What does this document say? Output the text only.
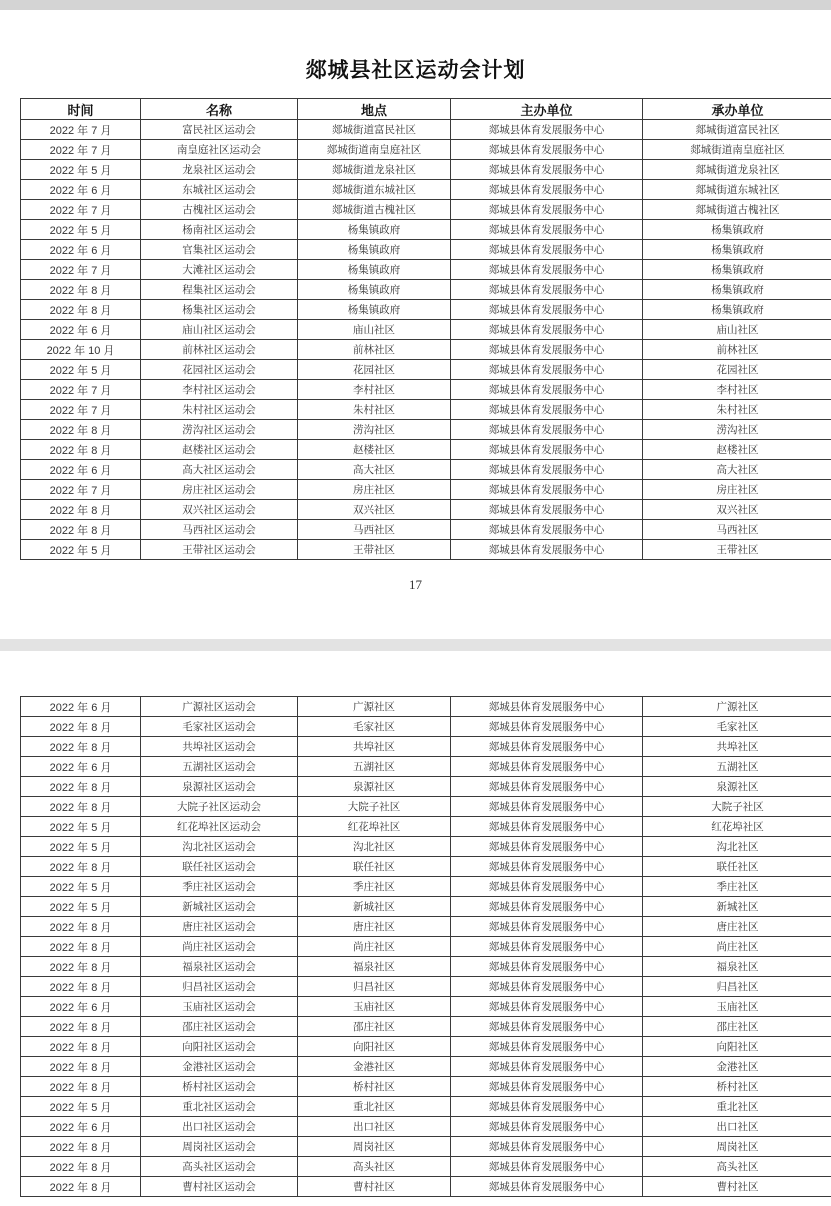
郯城县社区运动会计划
时间	名称	地点	主办单位	承办单位
2022 年 7 月	富民社区运动会	郯城街道富民社区	郯城县体育发展服务中心	郯城街道富民社区
2022 年 7 月	南皇庭社区运动会	郯城街道南皇庭社区	郯城县体育发展服务中心	郯城街道南皇庭社区
2022 年 5 月	龙泉社区运动会	郯城街道龙泉社区	郯城县体育发展服务中心	郯城街道龙泉社区
2022 年 6 月	东城社区运动会	郯城街道东城社区	郯城县体育发展服务中心	郯城街道东城社区
2022 年 7 月	古槐社区运动会	郯城街道古槐社区	郯城县体育发展服务中心	郯城街道古槐社区
2022 年 5 月	杨南社区运动会	杨集镇政府	郯城县体育发展服务中心	杨集镇政府
2022 年 6 月	官集社区运动会	杨集镇政府	郯城县体育发展服务中心	杨集镇政府
2022 年 7 月	大滩社区运动会	杨集镇政府	郯城县体育发展服务中心	杨集镇政府
2022 年 8 月	程集社区运动会	杨集镇政府	郯城县体育发展服务中心	杨集镇政府
2022 年 8 月	杨集社区运动会	杨集镇政府	郯城县体育发展服务中心	杨集镇政府
2022 年 6 月	庙山社区运动会	庙山社区	郯城县体育发展服务中心	庙山社区
2022 年 10 月	前林社区运动会	前林社区	郯城县体育发展服务中心	前林社区
2022 年 5 月	花园社区运动会	花园社区	郯城县体育发展服务中心	花园社区
2022 年 7 月	李村社区运动会	李村社区	郯城县体育发展服务中心	李村社区
2022 年 7 月	朱村社区运动会	朱村社区	郯城县体育发展服务中心	朱村社区
2022 年 8 月	涝沟社区运动会	涝沟社区	郯城县体育发展服务中心	涝沟社区
2022 年 8 月	赵楼社区运动会	赵楼社区	郯城县体育发展服务中心	赵楼社区
2022 年 6 月	高大社区运动会	高大社区	郯城县体育发展服务中心	高大社区
2022 年 7 月	房庄社区运动会	房庄社区	郯城县体育发展服务中心	房庄社区
2022 年 8 月	双兴社区运动会	双兴社区	郯城县体育发展服务中心	双兴社区
2022 年 8 月	马西社区运动会	马西社区	郯城县体育发展服务中心	马西社区
2022 年 5 月	王带社区运动会	王带社区	郯城县体育发展服务中心	王带社区
17
2022 年 6 月	广源社区运动会	广源社区	郯城县体育发展服务中心	广源社区
2022 年 8 月	毛家社区运动会	毛家社区	郯城县体育发展服务中心	毛家社区
2022 年 8 月	共埠社区运动会	共埠社区	郯城县体育发展服务中心	共埠社区
2022 年 6 月	五湖社区运动会	五湖社区	郯城县体育发展服务中心	五湖社区
2022 年 8 月	泉源社区运动会	泉源社区	郯城县体育发展服务中心	泉源社区
2022 年 8 月	大院子社区运动会	大院子社区	郯城县体育发展服务中心	大院子社区
2022 年 5 月	红花埠社区运动会	红花埠社区	郯城县体育发展服务中心	红花埠社区
2022 年 5 月	沟北社区运动会	沟北社区	郯城县体育发展服务中心	沟北社区
2022 年 8 月	联任社区运动会	联任社区	郯城县体育发展服务中心	联任社区
2022 年 5 月	季庄社区运动会	季庄社区	郯城县体育发展服务中心	季庄社区
2022 年 5 月	新城社区运动会	新城社区	郯城县体育发展服务中心	新城社区
2022 年 8 月	唐庄社区运动会	唐庄社区	郯城县体育发展服务中心	唐庄社区
2022 年 8 月	尚庄社区运动会	尚庄社区	郯城县体育发展服务中心	尚庄社区
2022 年 8 月	福泉社区运动会	福泉社区	郯城县体育发展服务中心	福泉社区
2022 年 8 月	归昌社区运动会	归昌社区	郯城县体育发展服务中心	归昌社区
2022 年 6 月	玉庙社区运动会	玉庙社区	郯城县体育发展服务中心	玉庙社区
2022 年 8 月	邵庄社区运动会	邵庄社区	郯城县体育发展服务中心	邵庄社区
2022 年 8 月	向阳社区运动会	向阳社区	郯城县体育发展服务中心	向阳社区
2022 年 8 月	金港社区运动会	金港社区	郯城县体育发展服务中心	金港社区
2022 年 8 月	桥村社区运动会	桥村社区	郯城县体育发展服务中心	桥村社区
2022 年 5 月	重北社区运动会	重北社区	郯城县体育发展服务中心	重北社区
2022 年 6 月	出口社区运动会	出口社区	郯城县体育发展服务中心	出口社区
2022 年 8 月	周岗社区运动会	周岗社区	郯城县体育发展服务中心	周岗社区
2022 年 8 月	高头社区运动会	高头社区	郯城县体育发展服务中心	高头社区
2022 年 8 月	曹村社区运动会	曹村社区	郯城县体育发展服务中心	曹村社区
